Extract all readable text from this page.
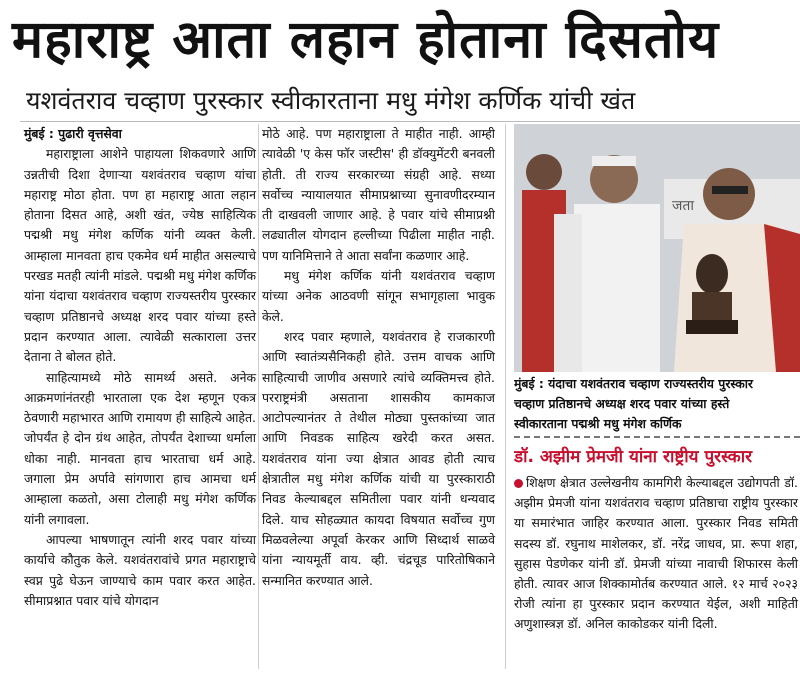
महाराष्ट्र आता लहान होताना दिसतोय
यशवंतराव चव्हाण पुरस्कार स्वीकारताना मधु मंगेश कर्णिक यांची खंत
मुंबई : पुढारी वृत्तसेवा

महाराष्ट्राला आशेने पाहायला शिकवणारे आणि उन्नतीची दिशा देणाऱ्या यशवंतराव चव्हाण यांचा महाराष्ट्र मोठा होता. पण हा महाराष्ट्र आता लहान होताना दिसत आहे, अशी खंत, ज्येष्ठ साहित्यिक पद्मश्री मधु मंगेश कर्णिक यांनी व्यक्त केली. आम्हाला मानवता हाच एकमेव धर्म माहीत असल्याचे परखड मतही त्यांनी मांडले. पद्मश्री मधु मंगेश कर्णिक यांना यंदाचा यशवंतराव चव्हाण राज्यस्तरीय पुरस्कार चव्हाण प्रतिष्ठानचे अध्यक्ष शरद पवार यांच्या हस्ते प्रदान करण्यात आला. त्यावेळी सत्काराला उत्तर देताना ते बोलत होते.

साहित्यामध्ये मोठे सामर्थ्य असते. अनेक आक्रमणांनंतरही भारताला एक देश म्हणून एकत्र ठेवणारी महाभारत आणि रामायण ही साहित्ये आहेत. जोपर्यंत हे दोन ग्रंथ आहेत, तोपर्यंत देशाच्या धर्माला धोका नाही. मानवता हाच भारताचा धर्म आहे. जगाला प्रेम अर्पावे सांगणारा हाच आमचा धर्म आम्हाला कळतो, असा टोलाही मधु मंगेश कर्णिक यांनी लगावला.

आपल्या भाषणातून त्यांनी शरद पवार यांच्या कार्याचे कौतुक केले. यशवंतरावांचे प्रगत महाराष्ट्राचे स्वप्न पुढे घेऊन जाण्याचे काम पवार करत आहेत. सीमाप्रश्नात पवार यांचे योगदान

मोठे आहे. पण महाराष्ट्राला ते माहीत नाही. आम्ही त्यावेळी 'ए केस फॉर जस्टीस' ही डॉक्युमेंटरी बनवली होती. ती राज्य सरकारच्या संग्रही आहे. सध्या सर्वोच्च न्यायालयात सीमाप्रश्नाच्या सुनावणीदरम्यान ती दाखवली जाणार आहे. हे पवार यांचे सीमाप्रश्नी लढ्यातील योगदान हल्लीच्या पिढीला माहीत नाही. पण यानिमित्ताने ते आता सर्वांना कळणार आहे.

मधु मंगेश कर्णिक यांनी यशवंतराव चव्हाण यांच्या अनेक आठवणी सांगून सभागृहाला भावुक केले.

शरद पवार म्हणाले, यशवंतराव हे राजकारणी आणि स्वातंत्र्यसैनिकही होते. उत्तम वाचक आणि साहित्याची जाणीव असणारे त्यांचे व्यक्तिमत्त्व होते. परराष्ट्रमंत्री असताना शासकीय कामकाज आटोपल्यानंतर ते तेथील मोठ्या पुस्तकांच्या जात आणि निवडक साहित्य खरेदी करत असत. यशवंतराव यांना ज्या क्षेत्रात आवड होती त्याच क्षेत्रातील मधु मंगेश कर्णिक यांची या पुरस्काराठी निवड केल्याबद्दल समितीला पवार यांनी धन्यवाद दिले. याच सोहळ्यात कायदा विषयात सर्वोच्च गुण मिळवलेल्या अपूर्वा केरकर आणि सिध्दार्थ साळवे यांना न्यायमूर्ती वाय. व्ही. चंद्रचूड पारितोषिकाने सन्मानित करण्यात आले.

जता
मुंबई : यंदाचा यशवंतराव चव्हाण राज्यस्तरीय पुरस्कार
चव्हाण प्रतिष्ठानचे अध्यक्ष शरद पवार यांच्या हस्ते
स्वीकारताना पद्मश्री मधु मंगेश कर्णिक
डॉ. अझीम प्रेमजी यांना राष्ट्रीय पुरस्कार
शिक्षण क्षेत्रात उल्लेखनीय कामगिरी केल्याबद्दल उद्योगपती डॉ. अझीम प्रेमजी यांना यशवंतराव चव्हाण प्रतिष्ठाचा राष्ट्रीय पुरस्कार या समारंभात जाहिर करण्यात आला. पुरस्कार निवड समिती सदस्य डॉ. रघुनाथ माशेलकर, डॉ. नरेंद्र जाधव, प्रा. रूपा शहा, सुहास पेडणेकर यांनी डॉ. प्रेमजी यांच्या नावाची शिफारस केली होती. त्यावर आज शिक्कामोर्तब करण्यात आले. १२ मार्च २०२३ रोजी त्यांना हा पुरस्कार प्रदान करण्यात येईल, अशी माहिती अणुशास्त्रज्ञ डॉ. अनिल काकोडकर यांनी दिली.
